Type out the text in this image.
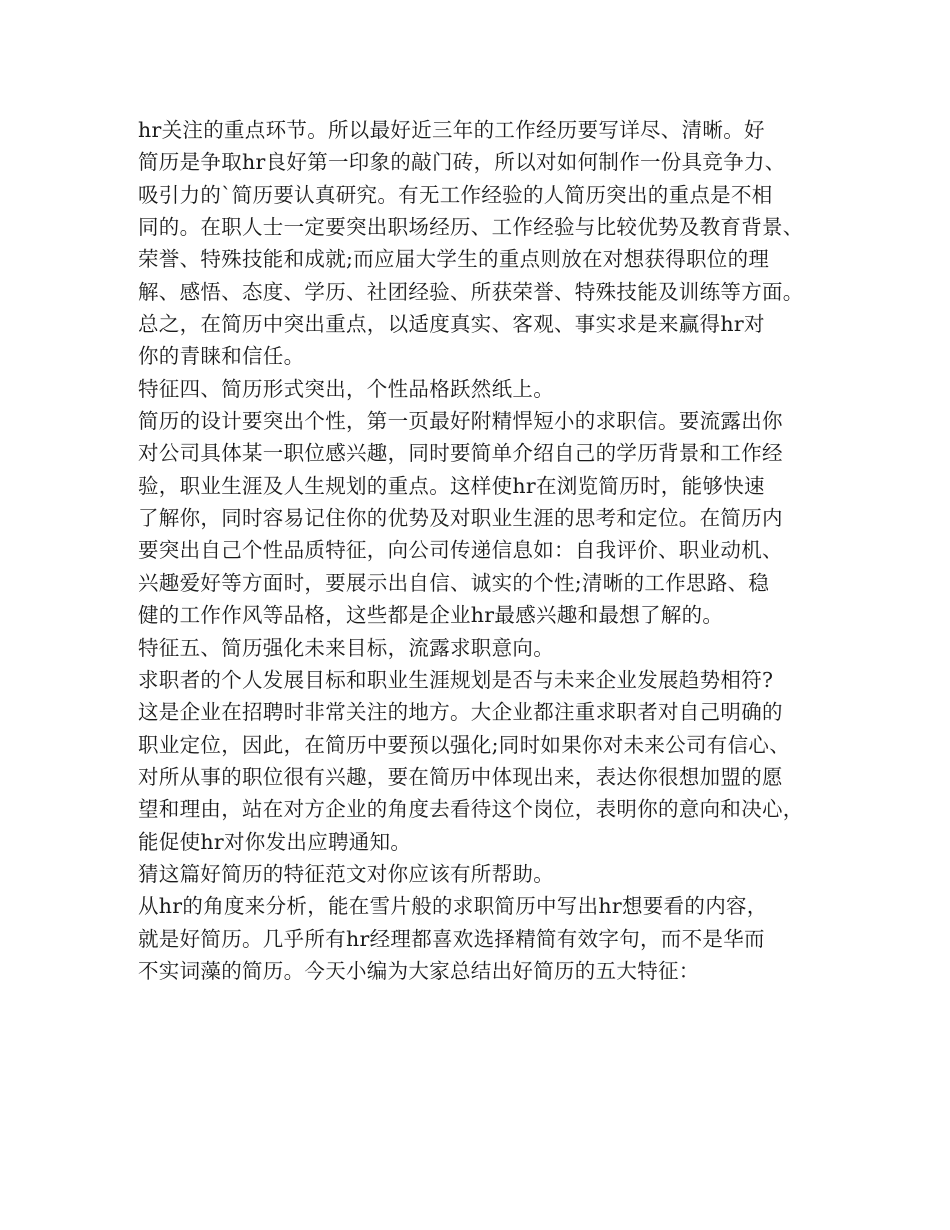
hr关注的重点环节。所以最好近三年的工作经历要写详尽、清晰。好
简历是争取hr良好第一印象的敲门砖，所以对如何制作一份具竞争力、
吸引力的`简历要认真研究。有无工作经验的人简历突出的重点是不相
同的。在职人士一定要突出职场经历、工作经验与比较优势及教育背景、
荣誉、特殊技能和成就;而应届大学生的重点则放在对想获得职位的理
解、感悟、态度、学历、社团经验、所获荣誉、特殊技能及训练等方面。
总之，在简历中突出重点，以适度真实、客观、事实求是来赢得hr对
你的青睐和信任。
特征四、简历形式突出，个性品格跃然纸上。
简历的设计要突出个性，第一页最好附精悍短小的求职信。要流露出你
对公司具体某一职位感兴趣，同时要简单介绍自己的学历背景和工作经
验，职业生涯及人生规划的重点。这样使hr在浏览简历时，能够快速
了解你，同时容易记住你的优势及对职业生涯的思考和定位。在简历内
要突出自己个性品质特征，向公司传递信息如：自我评价、职业动机、
兴趣爱好等方面时，要展示出自信、诚实的个性;清晰的工作思路、稳
健的工作作风等品格，这些都是企业hr最感兴趣和最想了解的。
特征五、简历强化未来目标，流露求职意向。
求职者的个人发展目标和职业生涯规划是否与未来企业发展趋势相符?
这是企业在招聘时非常关注的地方。大企业都注重求职者对自己明确的
职业定位，因此，在简历中要预以强化;同时如果你对未来公司有信心、
对所从事的职位很有兴趣，要在简历中体现出来，表达你很想加盟的愿
望和理由，站在对方企业的角度去看待这个岗位，表明你的意向和决心，
能促使hr对你发出应聘通知。
猜这篇好简历的特征范文对你应该有所帮助。
从hr的角度来分析，能在雪片般的求职简历中写出hr想要看的内容，
就是好简历。几乎所有hr经理都喜欢选择精简有效字句，而不是华而
不实词藻的简历。今天小编为大家总结出好简历的五大特征：
